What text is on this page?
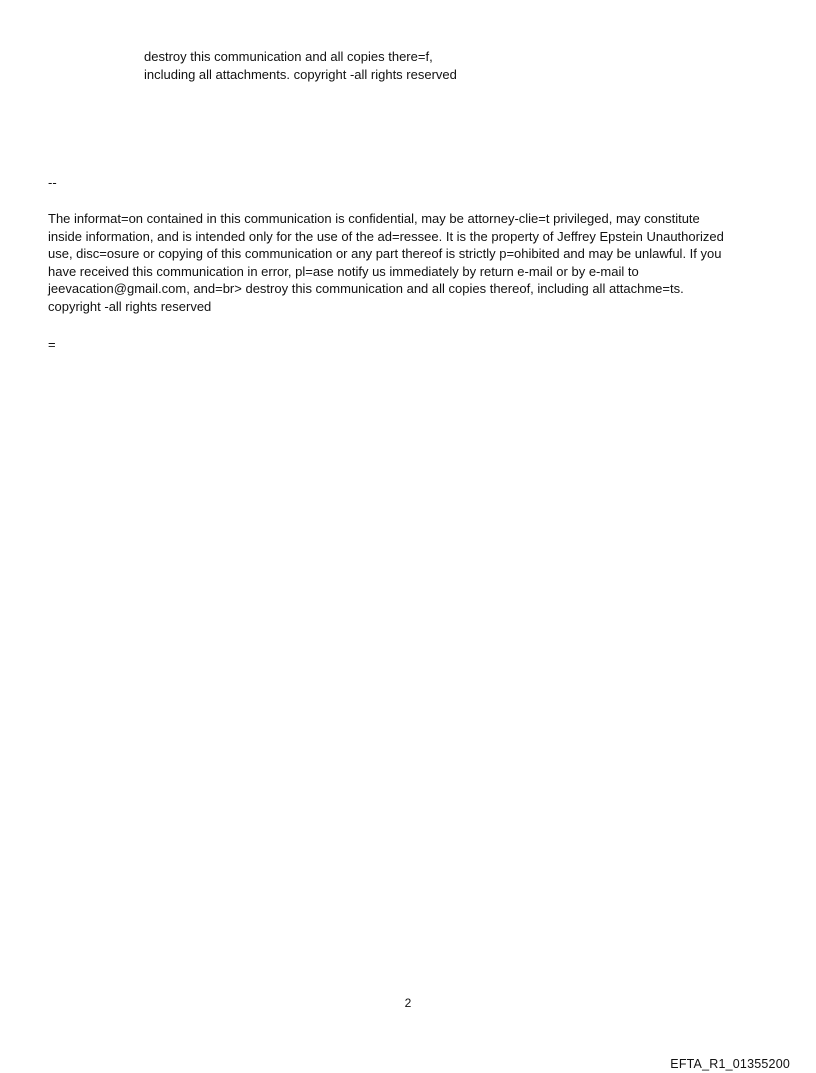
destroy this communication and all copies there=f,
including all attachments. copyright -all rights reserved
--
The informat=on contained in this communication is confidential, may be attorney-clie=t privileged, may constitute
inside information, and is intended only for the use of the ad=ressee. It is the property of Jeffrey Epstein Unauthorized
use, disc=osure or copying of this communication or any part thereof is strictly p=ohibited and may be unlawful. If you
have received this communication in error, pl=ase notify us immediately by return e-mail or by e-mail to
jeevacation@gmail.com, and=br> destroy this communication and all copies thereof, including all attachme=ts.
copyright -all rights reserved
=
2
EFTA_R1_01355200
